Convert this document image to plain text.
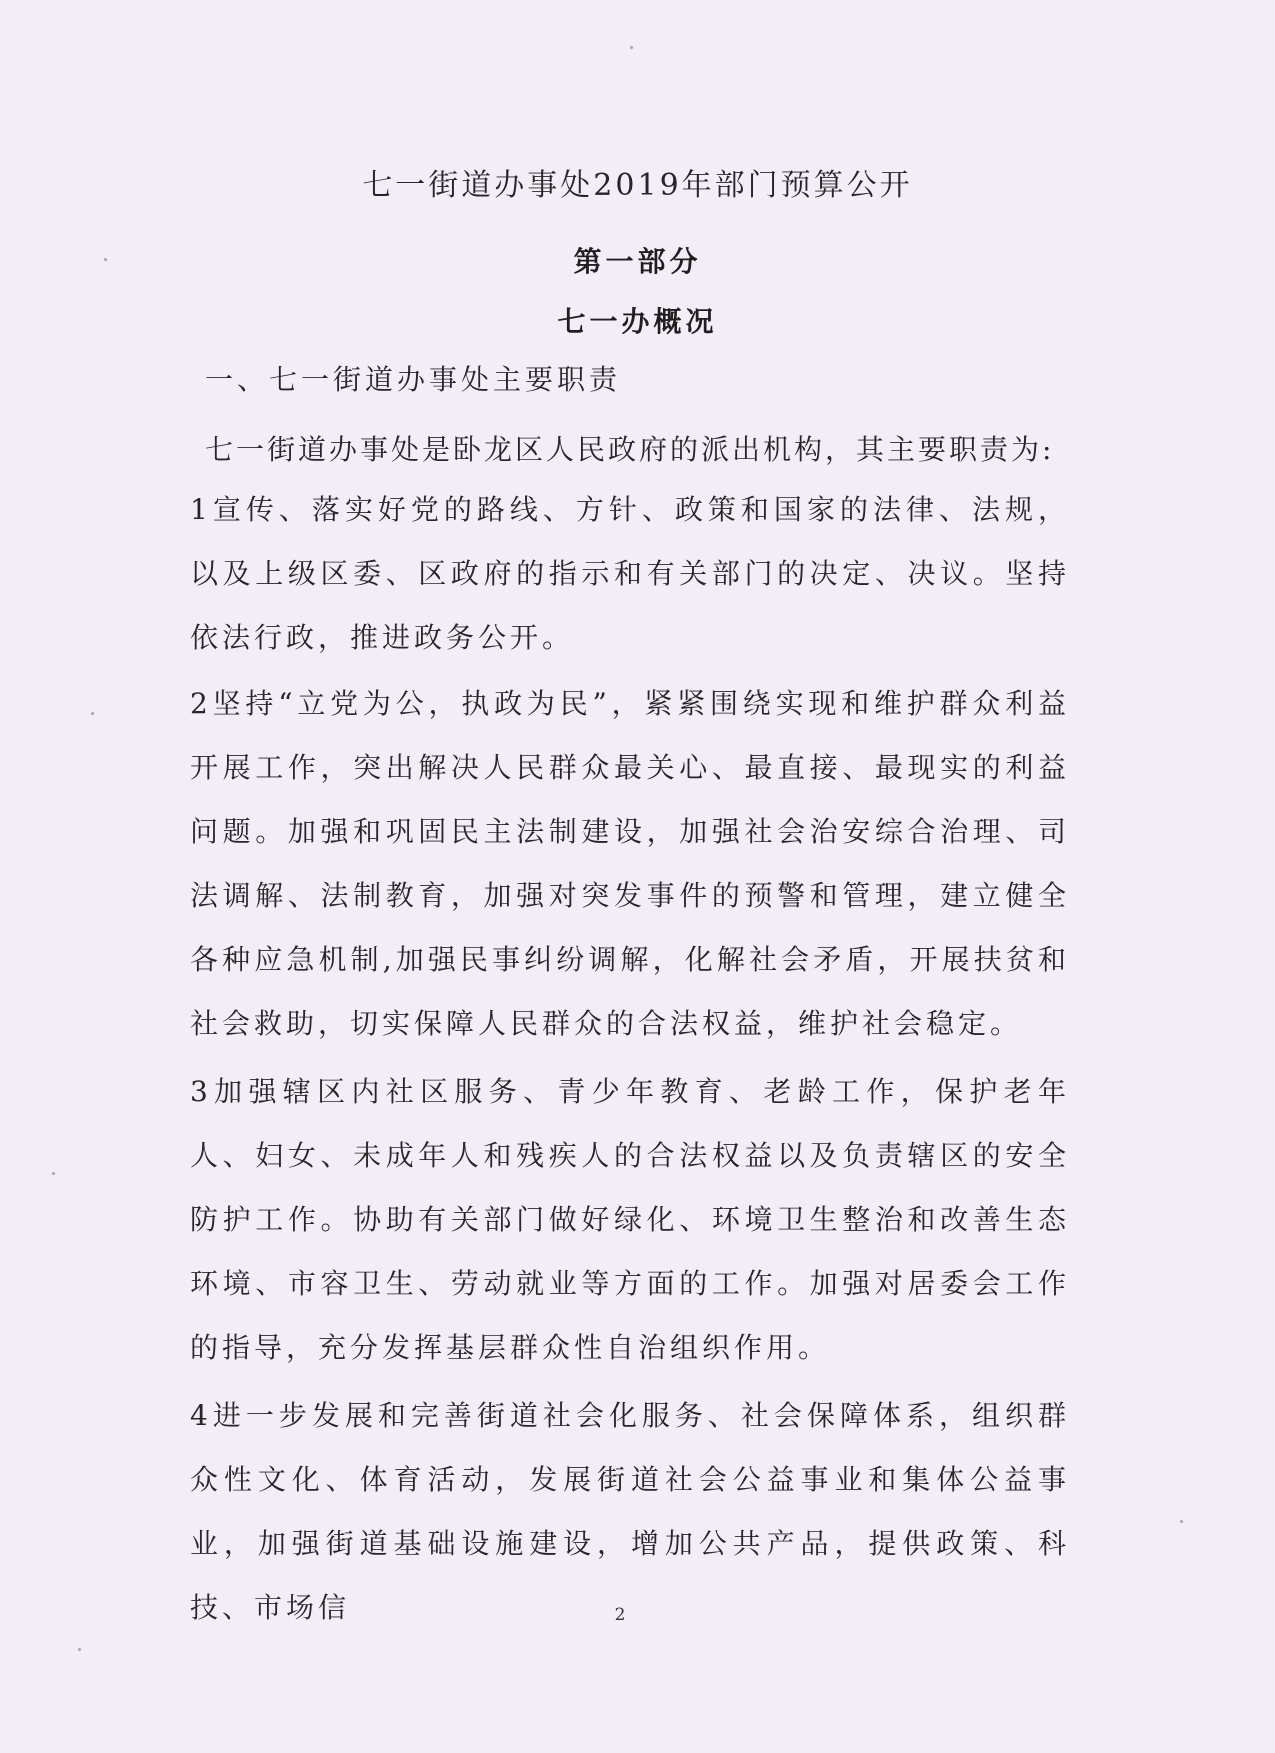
七一街道办事处2019年部门预算公开
第一部分
七一办概况
一、七一街道办事处主要职责
七一街道办事处是卧龙区人民政府的派出机构，其主要职责为:
1宣传、落实好党的路线、方针、政策和国家的法律、法规，以及上级区委、区政府的指示和有关部门的决定、决议。坚持依法行政，推进政务公开。
2坚持“立党为公，执政为民”，紧紧围绕实现和维护群众利益开展工作，突出解决人民群众最关心、最直接、最现实的利益问题。加强和巩固民主法制建设，加强社会治安综合治理、司法调解、法制教育，加强对突发事件的预警和管理，建立健全各种应急机制,加强民事纠纷调解，化解社会矛盾，开展扶贫和社会救助，切实保障人民群众的合法权益，维护社会稳定。
3加强辖区内社区服务、青少年教育、老龄工作，保护老年人、妇女、未成年人和残疾人的合法权益以及负责辖区的安全防护工作。协助有关部门做好绿化、环境卫生整治和改善生态环境、市容卫生、劳动就业等方面的工作。加强对居委会工作的指导，充分发挥基层群众性自治组织作用。
4进一步发展和完善街道社会化服务、社会保障体系，组织群众性文化、体育活动，发展街道社会公益事业和集体公益事业，加强街道基础设施建设，增加公共产品，提供政策、科技、市场信	2
